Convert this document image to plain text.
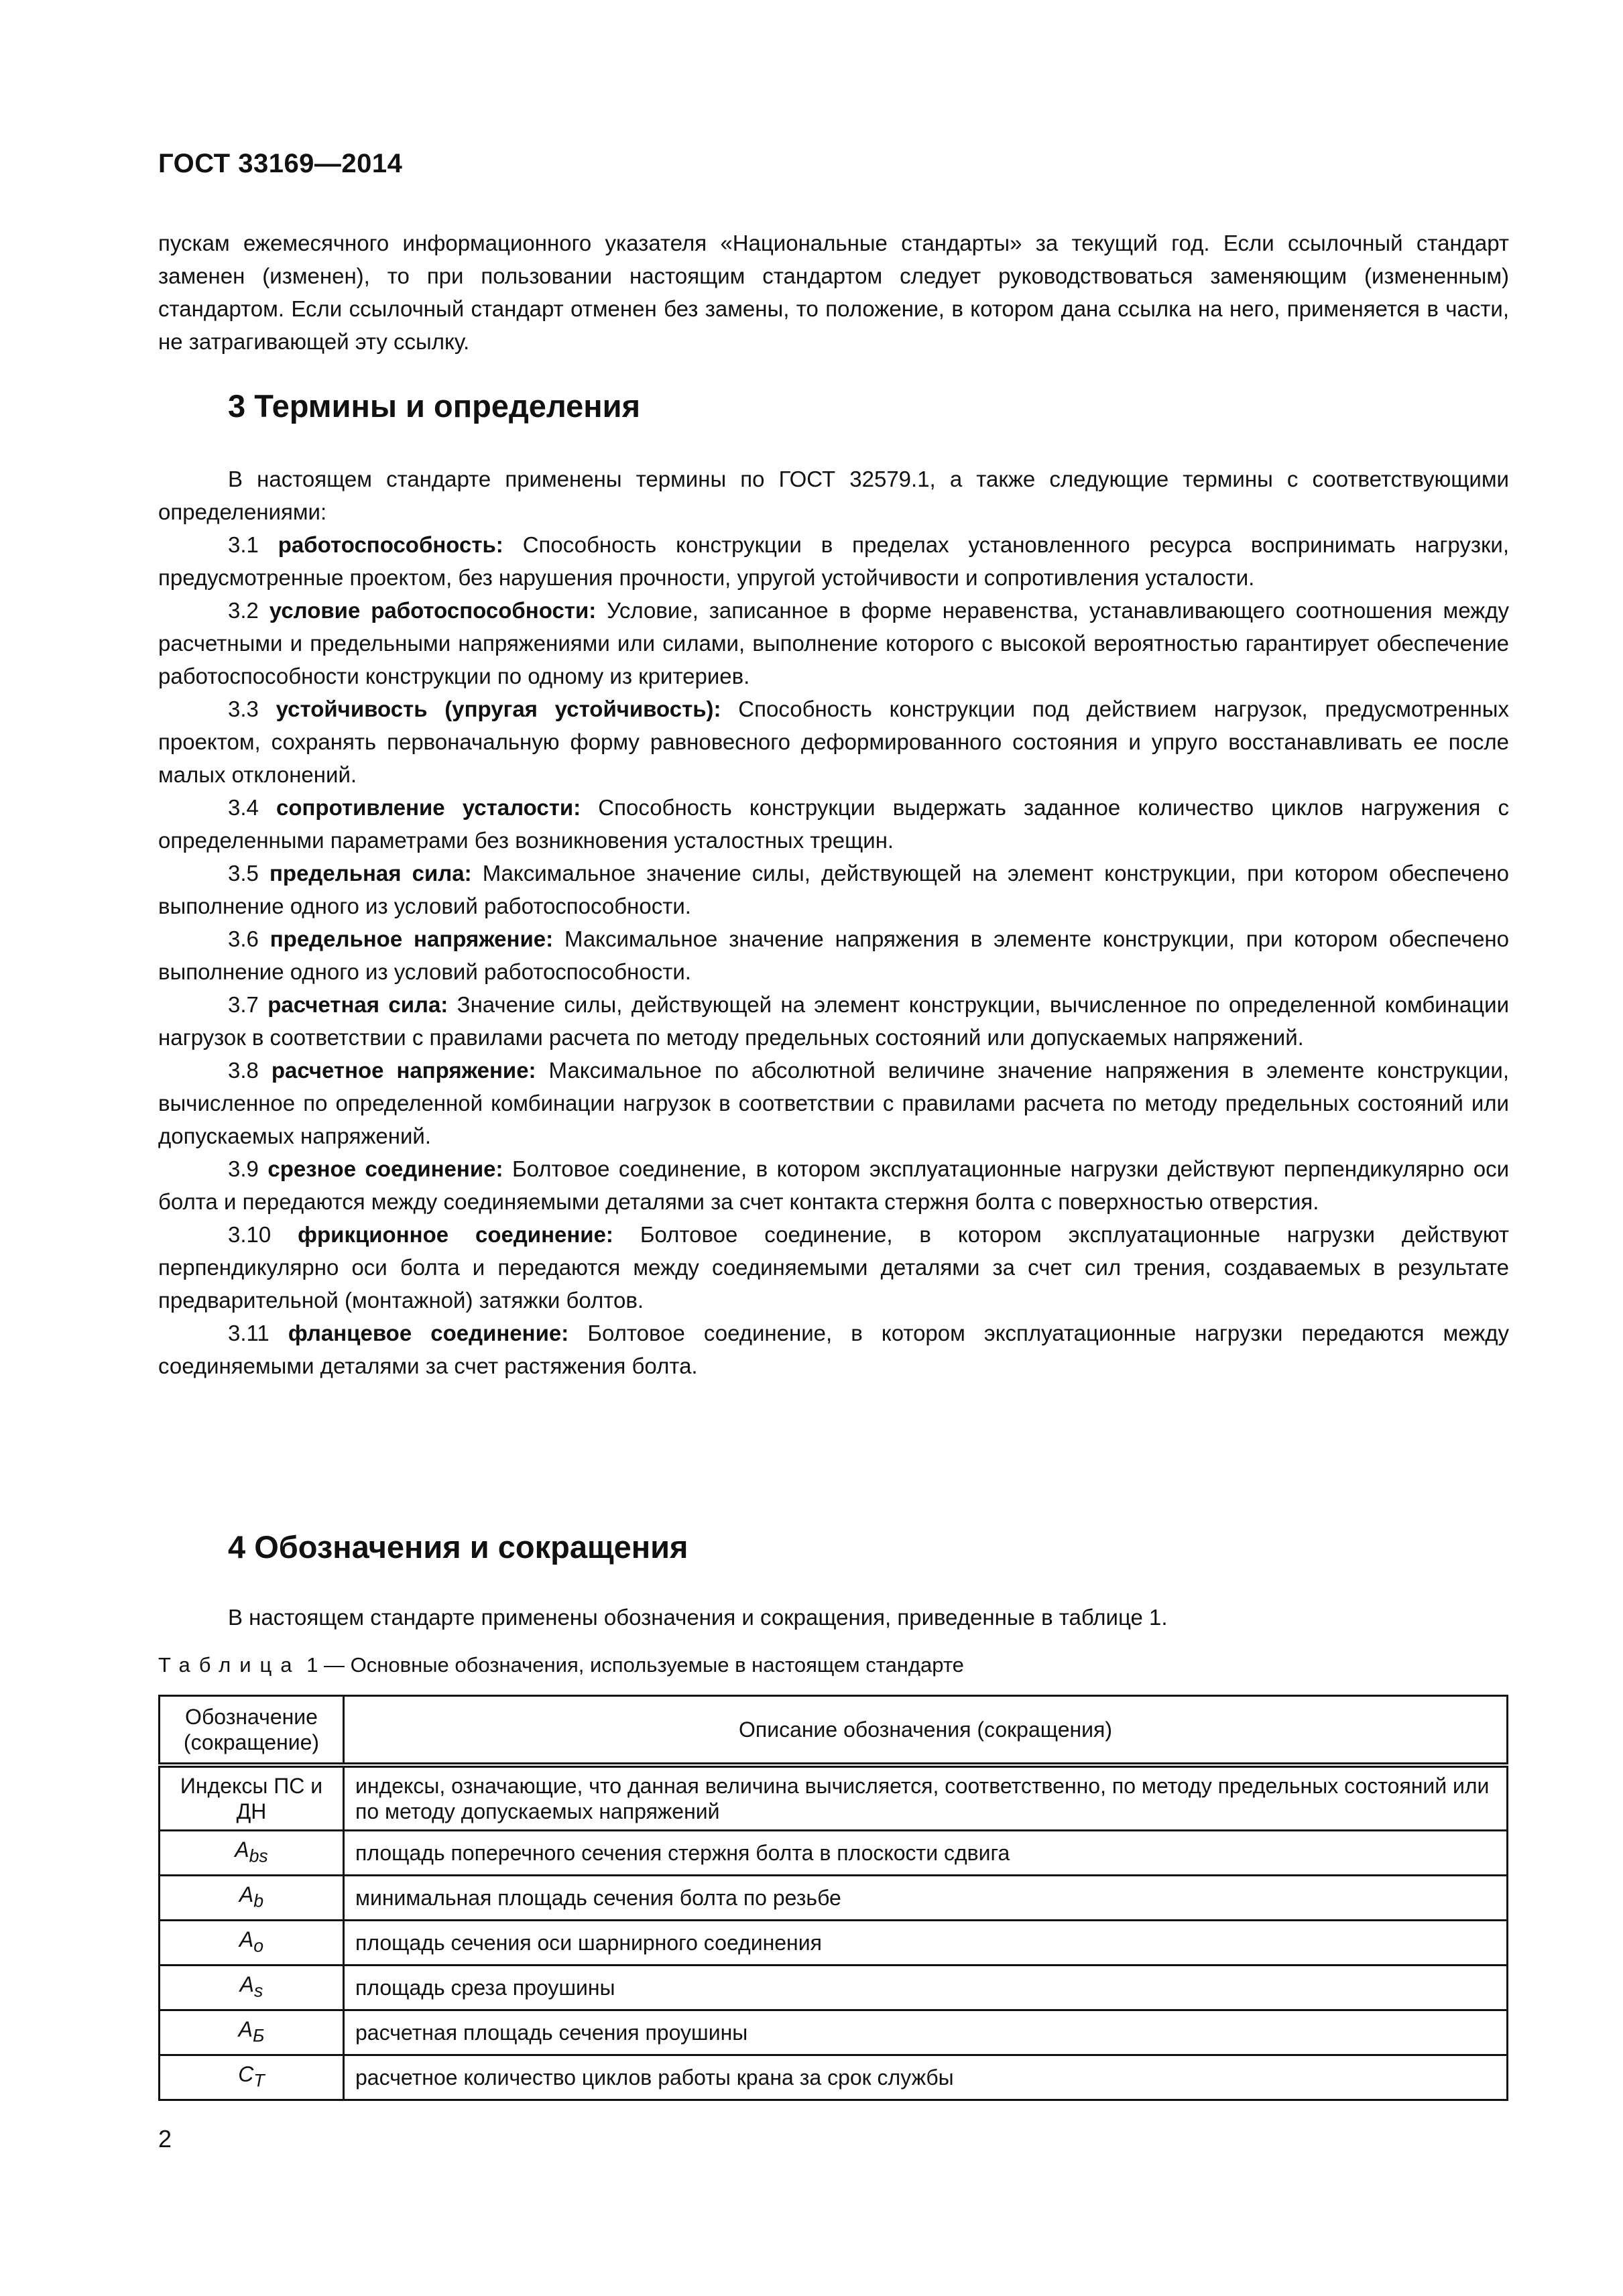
ГОСТ 33169—2014

пускам ежемесячного информационного указателя «Национальные стандарты» за текущий год. Если ссылочный стандарт заменен (изменен), то при пользовании настоящим стандартом следует руководствоваться заменяющим (измененным) стандартом. Если ссылочный стандарт отменен без замены, то положение, в котором дана ссылка на него, применяется в части, не затрагивающей эту ссылку.

3 Термины и определения

В настоящем стандарте применены термины по ГОСТ 32579.1, а также следующие термины с соответствующими определениями:

3.1 работоспособность: Способность конструкции в пределах установленного ресурса воспринимать нагрузки, предусмотренные проектом, без нарушения прочности, упругой устойчивости и сопротивления усталости.

3.2 условие работоспособности: Условие, записанное в форме неравенства, устанавливающего соотношения между расчетными и предельными напряжениями или силами, выполнение которого с высокой вероятностью гарантирует обеспечение работоспособности конструкции по одному из критериев.

3.3 устойчивость (упругая устойчивость): Способность конструкции под действием нагрузок, предусмотренных проектом, сохранять первоначальную форму равновесного деформированного состояния и упруго восстанавливать ее после малых отклонений.

3.4 сопротивление усталости: Способность конструкции выдержать заданное количество циклов нагружения с определенными параметрами без возникновения усталостных трещин.

3.5 предельная сила: Максимальное значение силы, действующей на элемент конструкции, при котором обеспечено выполнение одного из условий работоспособности.

3.6 предельное напряжение: Максимальное значение напряжения в элементе конструкции, при котором обеспечено выполнение одного из условий работоспособности.

3.7 расчетная сила: Значение силы, действующей на элемент конструкции, вычисленное по определенной комбинации нагрузок в соответствии с правилами расчета по методу предельных состояний или допускаемых напряжений.

3.8 расчетное напряжение: Максимальное по абсолютной величине значение напряжения в элементе конструкции, вычисленное по определенной комбинации нагрузок в соответствии с правилами расчета по методу предельных состояний или допускаемых напряжений.

3.9 срезное соединение: Болтовое соединение, в котором эксплуатационные нагрузки действуют перпендикулярно оси болта и передаются между соединяемыми деталями за счет контакта стержня болта с поверхностью отверстия.

3.10 фрикционное соединение: Болтовое соединение, в котором эксплуатационные нагрузки действуют перпендикулярно оси болта и передаются между соединяемыми деталями за счет сил трения, создаваемых в результате предварительной (монтажной) затяжки болтов.

3.11 фланцевое соединение: Болтовое соединение, в котором эксплуатационные нагрузки передаются между соединяемыми деталями за счет растяжения болта.

4 Обозначения и сокращения

В настоящем стандарте применены обозначения и сокращения, приведенные в таблице 1.

Таблица 1 — Основные обозначения, используемые в настоящем стандарте
Обозначение (сокращение)	Описание обозначения (сокращения)
Индексы ПС и ДН	индексы, означающие, что данная величина вычисляется, соответственно, по методу предельных состояний или по методу допускаемых напряжений
$A_{bs}$	площадь поперечного сечения стержня болта в плоскости сдвига
$A_b$	минимальная площадь сечения болта по резьбе
$A_o$	площадь сечения оси шарнирного соединения
$A_s$	площадь среза проушины
$A_Б$	расчетная площадь сечения проушины
$C_T$	расчетное количество циклов работы крана за срок службы
2
